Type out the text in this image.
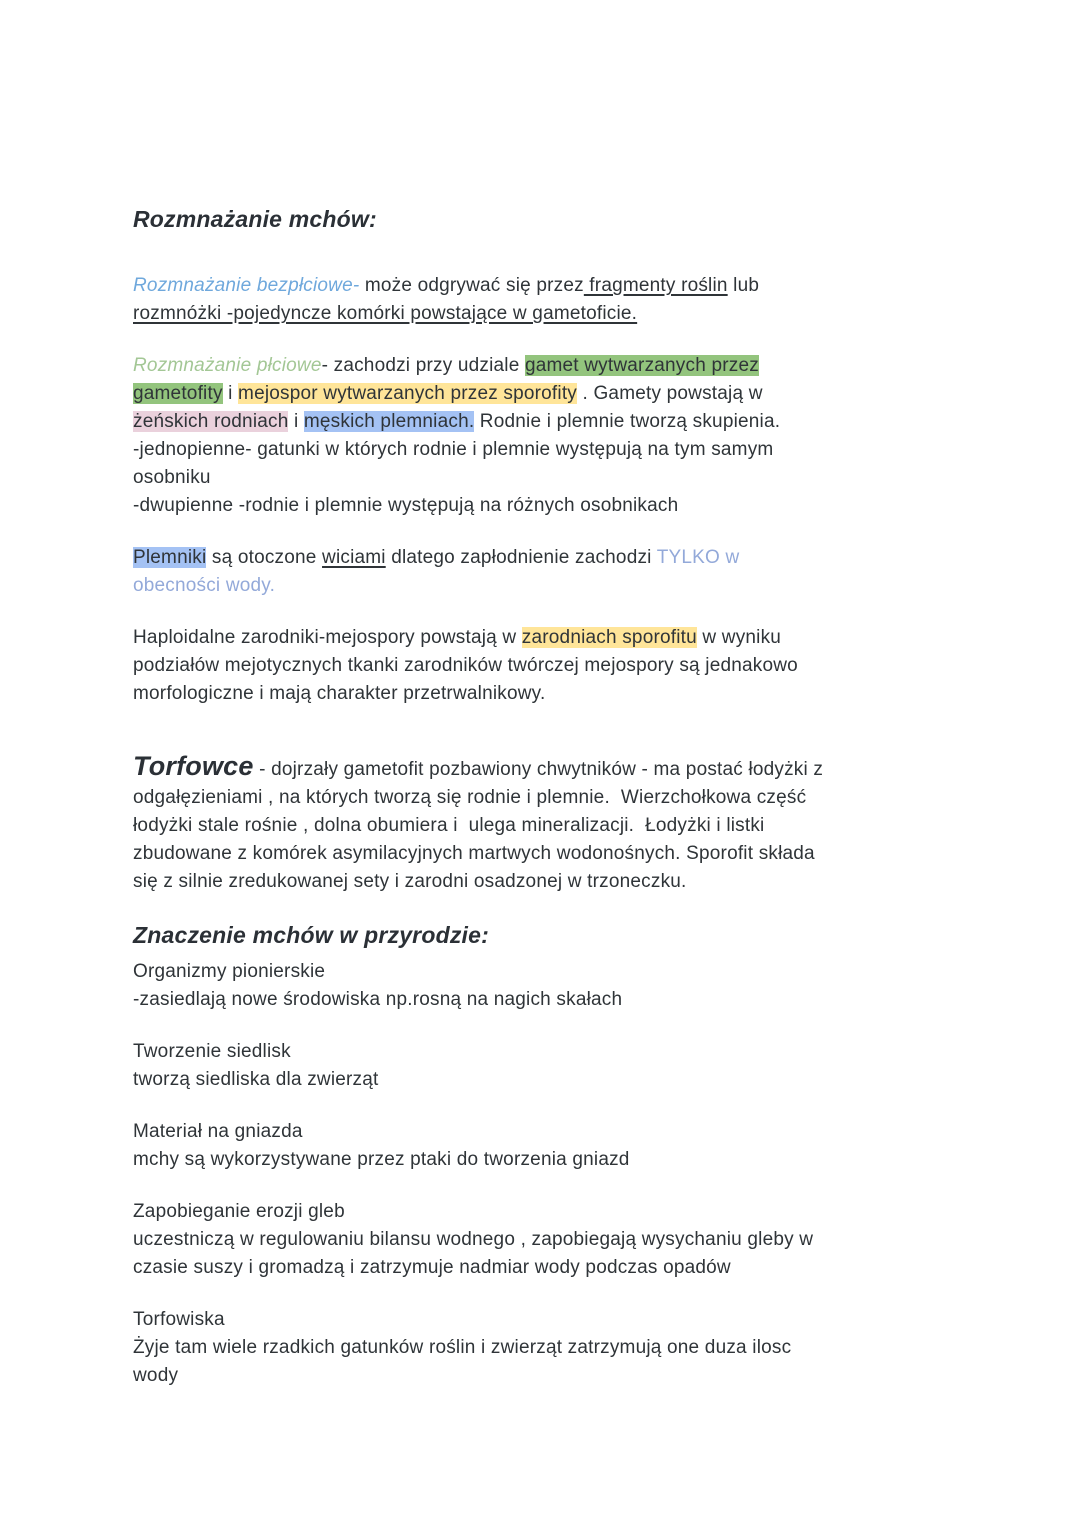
Rozmnażanie mchów:

Rozmnażanie bezpłciowe- może odgrywać się przez fragmenty roślin lub
rozmnóżki -pojedyncze komórki powstające w gametoficie.

Rozmnażanie płciowe- zachodzi przy udziale gamet wytwarzanych przez
gametofity i mejospor wytwarzanych przez sporofity . Gamety powstają w
żeńskich rodniach i męskich plemniach. Rodnie i plemnie tworzą skupienia.
-jednopienne- gatunki w których rodnie i plemnie występują na tym samym
osobniku
-dwupienne -rodnie i plemnie występują na różnych osobnikach

Plemniki są otoczone wiciami dlatego zapłodnienie zachodzi TYLKO w
obecności wody.

Haploidalne zarodniki-mejospory powstają w zarodniach sporofitu w wyniku
podziałów mejotycznych tkanki zarodników twórczej mejospory są jednakowo
morfologiczne i mają charakter przetrwalnikowy.

Torfowce - dojrzały gametofit pozbawiony chwytników - ma postać łodyżki z
odgałęzieniami , na których tworzą się rodnie i plemnie.  Wierzchołkowa część
łodyżki stale rośnie , dolna obumiera i  ulega mineralizacji.  Łodyżki i listki
zbudowane z komórek asymilacyjnych martwych wodonośnych. Sporofit składa
się z silnie zredukowanej sety i zarodni osadzonej w trzoneczku.

Znaczenie mchów w przyrodzie:

Organizmy pionierskie
-zasiedlają nowe środowiska np.rosną na nagich skałach

Tworzenie siedlisk
tworzą siedliska dla zwierząt

Materiał na gniazda
mchy są wykorzystywane przez ptaki do tworzenia gniazd

Zapobieganie erozji gleb
uczestniczą w regulowaniu bilansu wodnego , zapobiegają wysychaniu gleby w
czasie suszy i gromadzą i zatrzymuje nadmiar wody podczas opadów

Torfowiska
Żyje tam wiele rzadkich gatunków roślin i zwierząt zatrzymują one duza ilosc
wody
